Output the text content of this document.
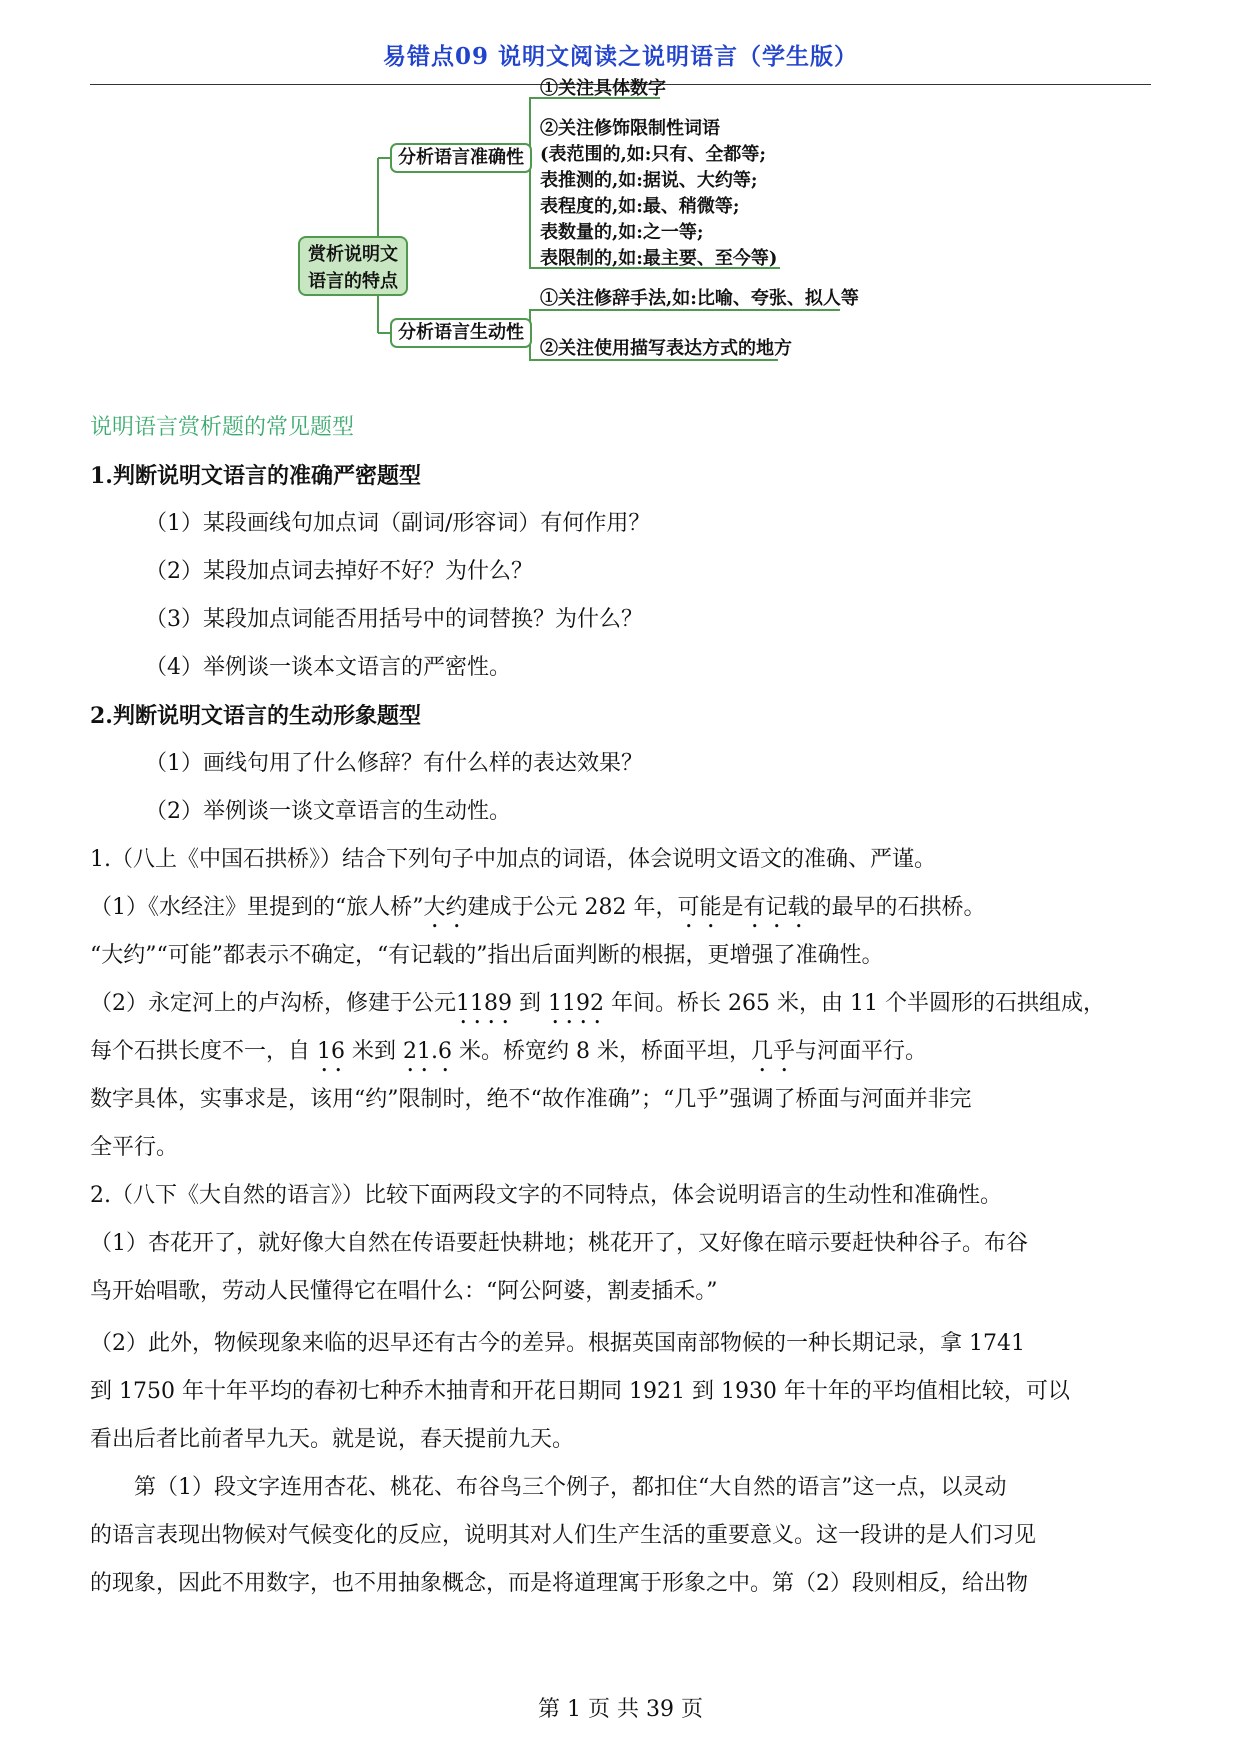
易错点09 说明文阅读之说明语言（学生版）
赏析说明文
语言的特点
分析语言准确性
分析语言生动性
①关注具体数字
②关注修饰限制性词语
(表范围的,如:只有、全都等;
表推测的,如:据说、大约等;
表程度的,如:最、稍微等;
表数量的,如:之一等;
表限制的,如:最主要、至今等)
①关注修辞手法,如:比喻、夸张、拟人等
②关注使用描写表达方式的地方
说明语言赏析题的常见题型
1.判断说明文语言的准确严密题型
（1）某段画线句加点词（副词/形容词）有何作用？
（2）某段加点词去掉好不好？为什么？
（3）某段加点词能否用括号中的词替换？为什么？
（4）举例谈一谈本文语言的严密性。
2.判断说明文语言的生动形象题型
（1）画线句用了什么修辞？有什么样的表达效果？
（2）举例谈一谈文章语言的生动性。
1.（八上《中国石拱桥》）结合下列句子中加点的词语，体会说明文语文的准确、严谨。
（1）《水经注》里提到的“旅人桥”大约建成于公元 282 年，可能是有记载的最早的石拱桥。
“大约”“可能”都表示不确定，“有记载的”指出后面判断的根据，更增强了准确性。
（2）永定河上的卢沟桥，修建于公元1189 到 1192 年间。桥长 265 米，由 11 个半圆形的石拱组成，
每个石拱长度不一，自 16 米到 21.6 米。桥宽约 8 米，桥面平坦，几乎与河面平行。
数字具体，实事求是，该用“约”限制时，绝不“故作准确”；“几乎”强调了桥面与河面并非完
全平行。
2.（八下《大自然的语言》）比较下面两段文字的不同特点，体会说明语言的生动性和准确性。
（1）杏花开了，就好像大自然在传语要赶快耕地；桃花开了，又好像在暗示要赶快种谷子。布谷
鸟开始唱歌，劳动人民懂得它在唱什么：“阿公阿婆，割麦插禾。”
（2）此外，物候现象来临的迟早还有古今的差异。根据英国南部物候的一种长期记录，拿 1741
到 1750 年十年平均的春初七种乔木抽青和开花日期同 1921 到 1930 年十年的平均值相比较，可以
看出后者比前者早九天。就是说，春天提前九天。
第（1）段文字连用杏花、桃花、布谷鸟三个例子，都扣住“大自然的语言”这一点，以灵动
的语言表现出物候对气候变化的反应，说明其对人们生产生活的重要意义。这一段讲的是人们习见
的现象，因此不用数字，也不用抽象概念，而是将道理寓于形象之中。第（2）段则相反，给出物
第 1 页 共 39 页
